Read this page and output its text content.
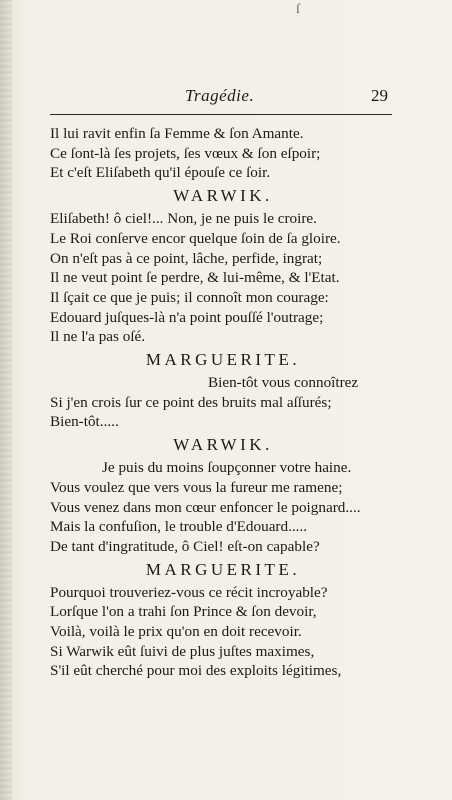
ſ
Tragédie.	29
Il lui ravit enfin ſa Femme & ſon Amante.
Ce ſont-là ſes projets, ſes vœux & ſon eſpoir;
Et c'eſt Eliſabeth qu'il épouſe ce ſoir.
WARWIK.
Eliſabeth! ô ciel!... Non, je ne puis le croire.
Le Roi conſerve encor quelque ſoin de ſa gloire.
On n'eſt pas à ce point, lâche, perfide, ingrat;
Il ne veut point ſe perdre, & lui-même, & l'Etat.
Il ſçait ce que je puis; il connoît mon courage:
Edouard juſques-là n'a point pouſſé l'outrage;
Il ne l'a pas oſé.
MARGUERITE.
Bien-tôt vous connoîtrez
Si j'en crois ſur ce point des bruits mal aſſurés;
Bien-tôt.....
WARWIK.
Je puis du moins ſoupçonner votre haine.
Vous voulez que vers vous la fureur me ramene;
Vous venez dans mon cœur enfoncer le poignard....
Mais la confuſion, le trouble d'Edouard.....
De tant d'ingratitude, ô Ciel! eſt-on capable?
MARGUERITE.
Pourquoi trouveriez-vous ce récit incroyable?
Lorſque l'on a trahi ſon Prince & ſon devoir,
Voilà, voilà le prix qu'on en doit recevoir.
Si Warwik eût ſuivi de plus juſtes maximes,
S'il eût cherché pour moi des exploits légitimes,
